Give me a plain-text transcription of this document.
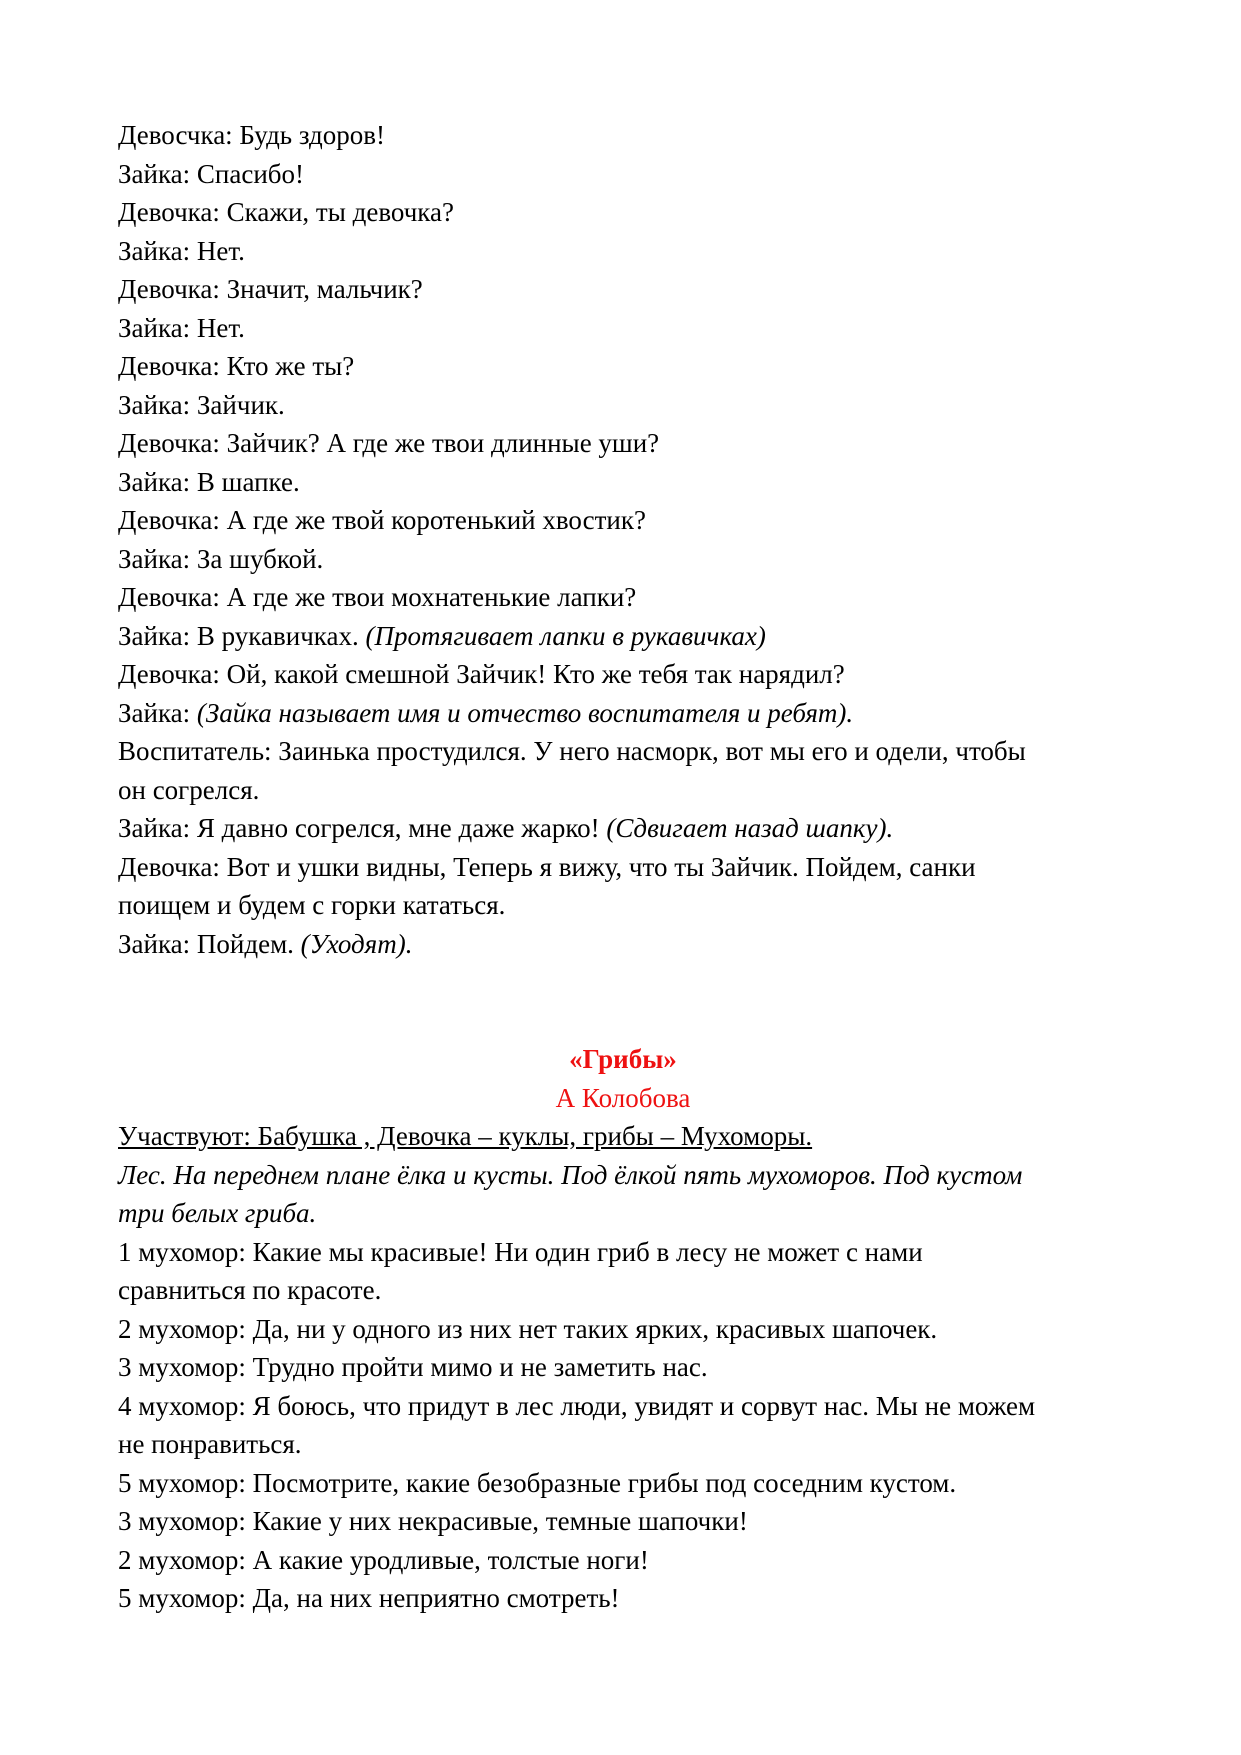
Девосчка: Будь здоров!

Зайка: Спасибо!

Девочка: Скажи, ты девочка?

Зайка: Нет.

Девочка: Значит, мальчик?

Зайка: Нет.

Девочка: Кто же ты?

Зайка: Зайчик.

Девочка: Зайчик? А где же твои длинные уши?

Зайка: В шапке.

Девочка: А где же твой коротенький хвостик?

Зайка: За шубкой.

Девочка: А где же твои мохнатенькие лапки?

Зайка: В рукавичках. (Протягивает лапки в рукавичках)

Девочка: Ой, какой смешной Зайчик! Кто же тебя так нарядил?

Зайка: (Зайка называет имя и отчество воспитателя и ребят).

Воспитатель: Заинька простудился. У него насморк, вот мы его и одели, чтобы

он согрелся.

Зайка: Я давно согрелся, мне даже жарко! (Сдвигает назад шапку).

Девочка: Вот и ушки видны, Теперь я вижу, что ты Зайчик. Пойдем, санки

поищем и будем с горки кататься.

Зайка: Пойдем. (Уходят).

«Грибы»

А Колобова

Участвуют: Бабушка , Девочка – куклы, грибы – Мухоморы.

Лес. На переднем плане ёлка и кусты. Под ёлкой пять мухоморов. Под кустом

три белых гриба.

1 мухомор: Какие мы красивые! Ни один гриб в лесу не может с нами

сравниться по красоте.

2 мухомор: Да, ни у одного из них нет таких ярких, красивых шапочек.

3 мухомор: Трудно пройти мимо и не заметить нас.

4 мухомор: Я боюсь, что придут в лес люди, увидят и сорвут нас. Мы не можем

не понравиться.

5 мухомор: Посмотрите, какие безобразные грибы под соседним кустом.

3 мухомор: Какие у них некрасивые, темные шапочки!

2 мухомор: А какие уродливые, толстые ноги!

5 мухомор: Да, на них неприятно смотреть!
